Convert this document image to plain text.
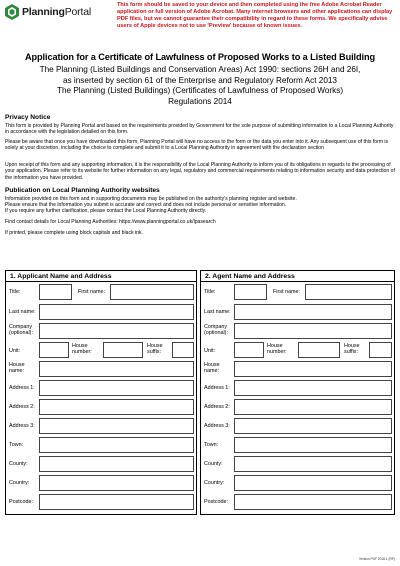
PlanningPortal
This form should be saved to your device and then completed using the free Adobe Acrobat Reader application or full version of Adobe Acrobat. Many internet browsers and other applications can display PDF files, but we cannot guarantee their compatibility in regard to these forms. We specifically advise users of Apple devices not to use 'Preview' because of known issues.
Application for a Certificate of Lawfulness of Proposed Works to a Listed Building
The Planning (Listed Buildings and Conservation Areas) Act 1990: sections 26H and 26I,
as inserted by section 61 of the Enterprise and Regulatory Reform Act 2013
The Planning (Listed Buildings) (Certificates of Lawfulness of Proposed Works)
Regulations 2014
Privacy Notice
This form is provided by Planning Portal and based on the requirements provided by Government for the sole purpose of submitting information to a Local Planning Authority in accordance with the legislation detailed on this form.
Please be aware that once you have downloaded this form, Planning Portal will have no access to the form or the data you enter into it. Any subsequent use of this form is solely at your discretion, including the choice to complete and submit it to a Local Planning Authority in agreement with the declaration section
Upon receipt of this form and any supporting information, it is the responsibility of the Local Planning Authority to inform you of its obligations in regards to the processing of your application. Please refer to its website for further information on any legal, regulatory and commercial requirements relating to information security and data protection of the information you have provided.
Publication on Local Planning Authority websites
Information provided on this form and in supporting documents may be published on the authority's planning register and website.
Please ensure that the information you submit is accurate and correct and does not include personal or sensitive information.
If you require any further clarification, please contact the Local Planning Authority directly.
Find contact details for Local Planning Authorities: https://www.planningportal.co.uk/lpasearch
If printed, please complete using block capitals and black ink.
1. Applicant Name and Address
Title:	First name:
Last name:
Company (optional):
Unit:
House number:
House suffix:
House name:
Address 1:
Address 2:
Address 3:
Town:
County:
Country:
Postcode:
2. Agent Name and Address
Title:	First name:
Last name:
Company (optional):
Unit:
House number:
House suffix:
House name:
Address 1:
Address 2:
Address 3:
Town:
County:
Country:
Postcode:
Version PDF 2018.1 (RP)
